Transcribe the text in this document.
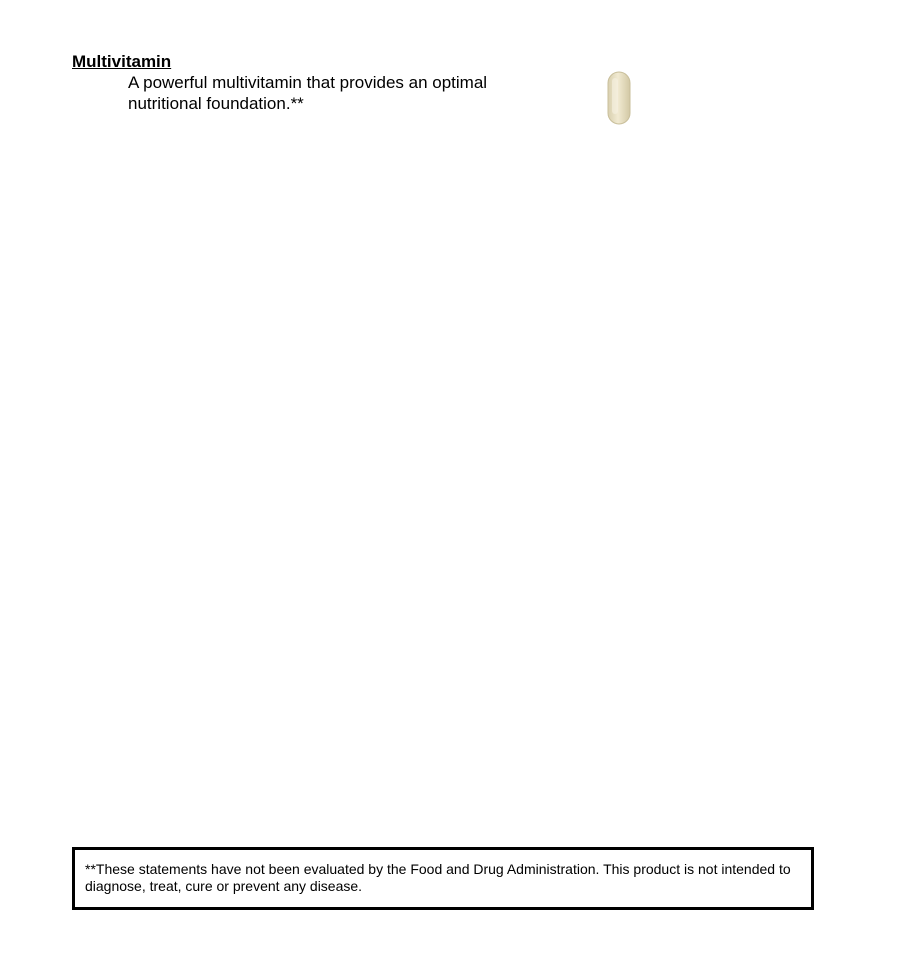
Multivitamin
A powerful multivitamin that provides an optimal nutritional foundation.**
**These statements have not been evaluated by the Food and Drug Administration. This product is not intended to diagnose, treat, cure or prevent any disease.
